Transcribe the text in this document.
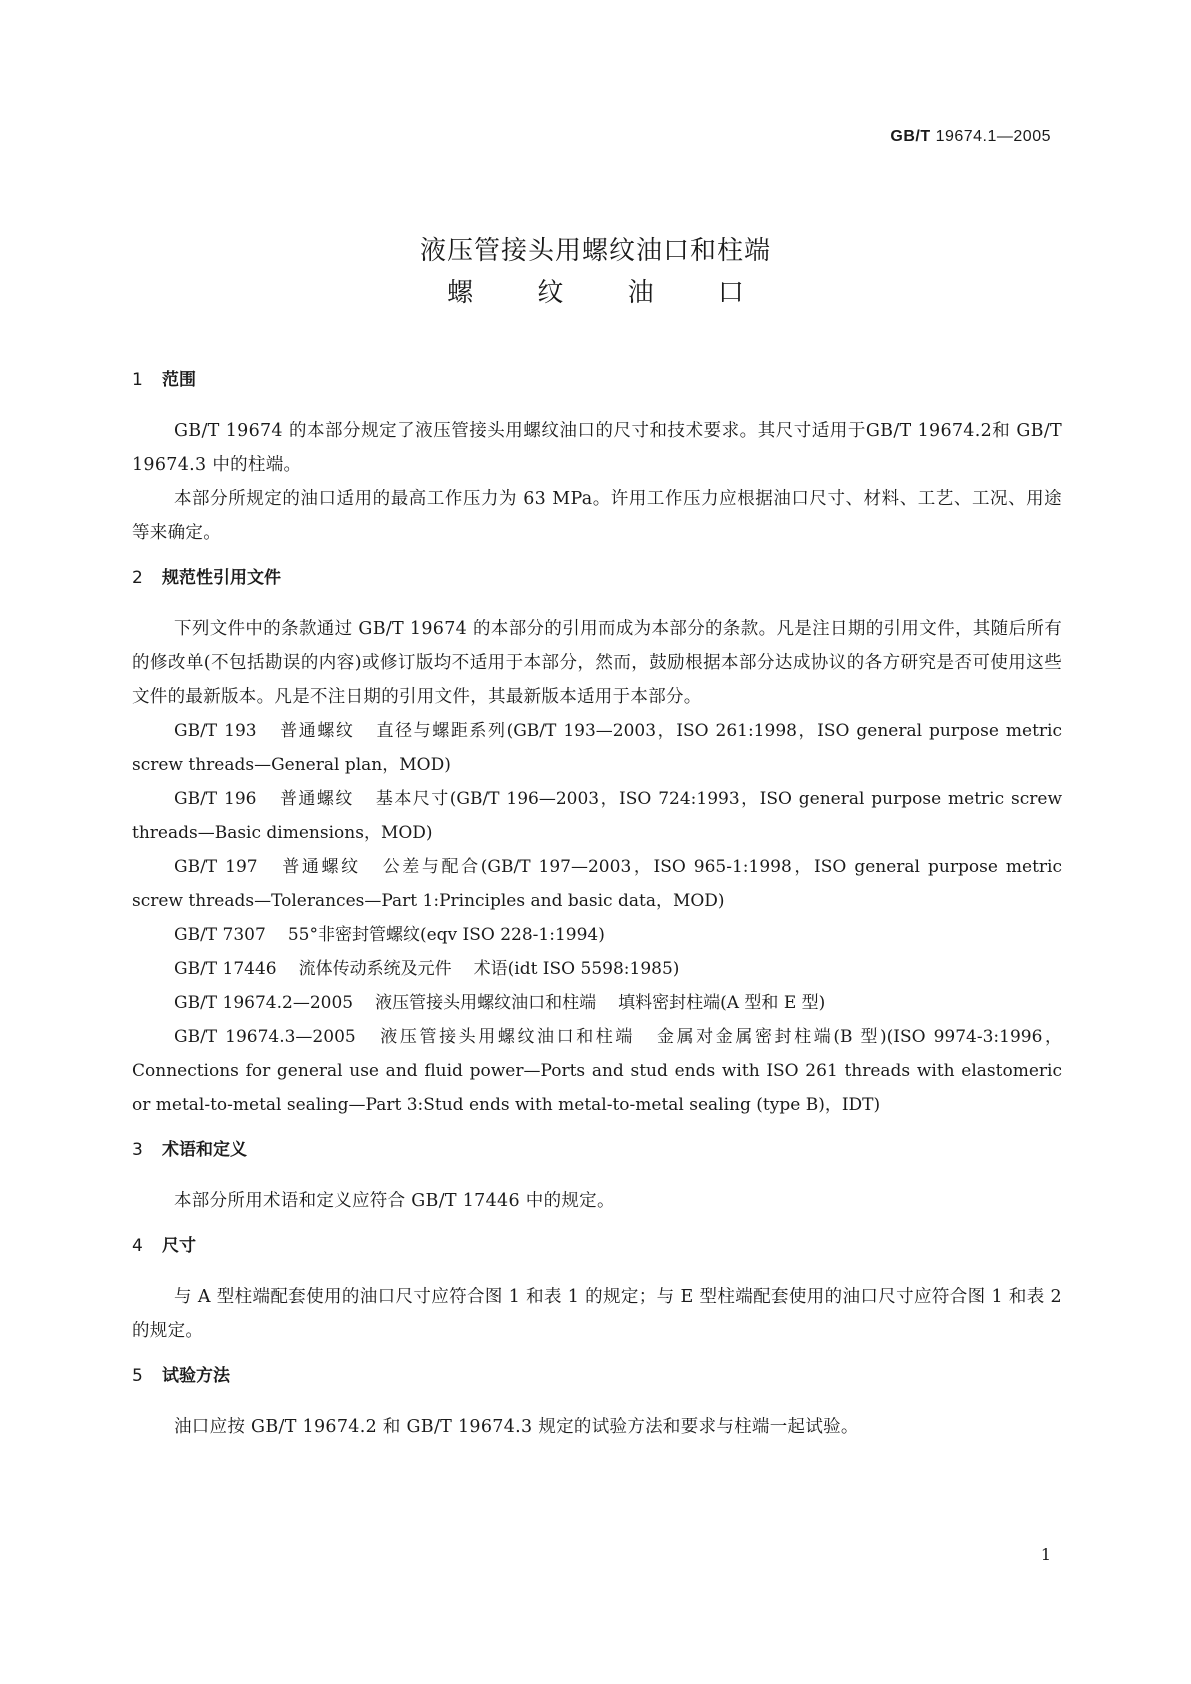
GB/T 19674.1—2005
液压管接头用螺纹油口和柱端
螺 纹 油 口
1 范围

GB/T 19674 的本部分规定了液压管接头用螺纹油口的尺寸和技术要求。其尺寸适用于GB/T 19674.2和 GB/T 19674.3 中的柱端。

本部分所规定的油口适用的最高工作压力为 63 MPa。许用工作压力应根据油口尺寸、材料、工艺、工况、用途等来确定。

2 规范性引用文件

下列文件中的条款通过 GB/T 19674 的本部分的引用而成为本部分的条款。凡是注日期的引用文件，其随后所有的修改单(不包括勘误的内容)或修订版均不适用于本部分，然而，鼓励根据本部分达成协议的各方研究是否可使用这些文件的最新版本。凡是不注日期的引用文件，其最新版本适用于本部分。

GB/T 193 普通螺纹 直径与螺距系列(GB/T 193—2003，ISO 261:1998，ISO general purpose metric screw threads—General plan，MOD)

GB/T 196 普通螺纹 基本尺寸(GB/T 196—2003，ISO 724:1993，ISO general purpose metric screw threads—Basic dimensions，MOD)

GB/T 197 普通螺纹 公差与配合(GB/T 197—2003，ISO 965-1:1998，ISO general purpose metric screw threads—Tolerances—Part 1:Principles and basic data，MOD)

GB/T 7307 55°非密封管螺纹(eqv ISO 228-1:1994)

GB/T 17446 流体传动系统及元件 术语(idt ISO 5598:1985)

GB/T 19674.2—2005 液压管接头用螺纹油口和柱端 填料密封柱端(A 型和 E 型)

GB/T 19674.3—2005 液压管接头用螺纹油口和柱端 金属对金属密封柱端(B 型)(ISO 9974-3:1996，Connections for general use and fluid power—Ports and stud ends with ISO 261 threads with elastomeric or metal-to-metal sealing—Part 3:Stud ends with metal-to-metal sealing (type B)，IDT)

3 术语和定义

本部分所用术语和定义应符合 GB/T 17446 中的规定。

4 尺寸

与 A 型柱端配套使用的油口尺寸应符合图 1 和表 1 的规定；与 E 型柱端配套使用的油口尺寸应符合图 1 和表 2 的规定。

5 试验方法

油口应按 GB/T 19674.2 和 GB/T 19674.3 规定的试验方法和要求与柱端一起试验。

1
